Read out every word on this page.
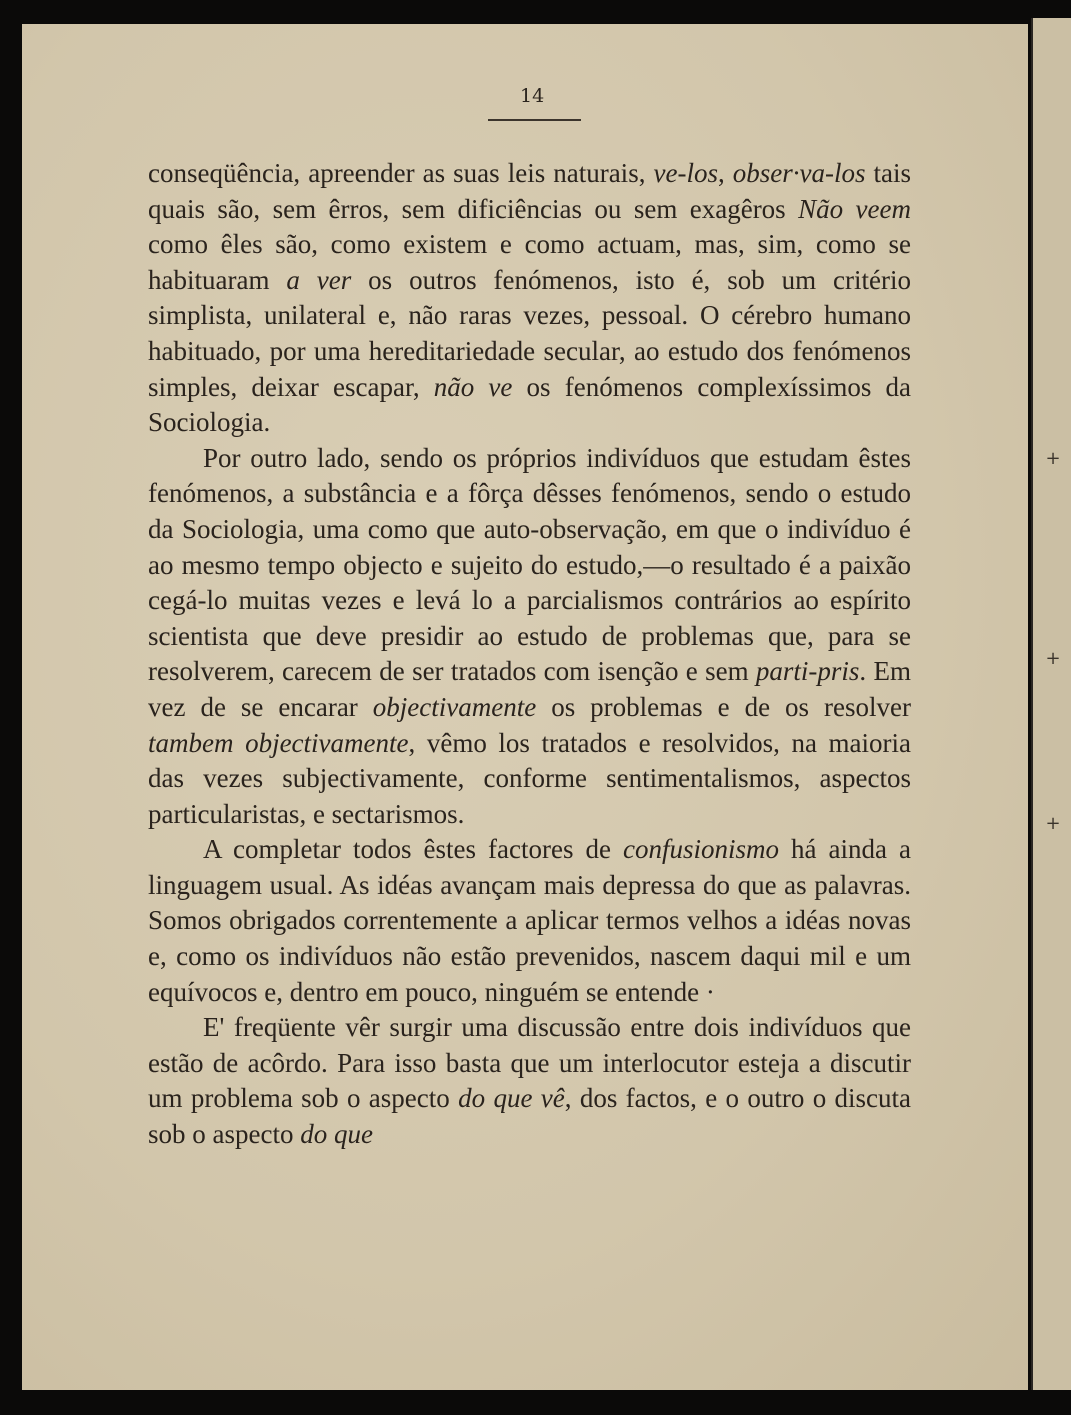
+
+
+
14

conseqüência, apreender as suas leis naturais, ve-los, obser·va-los tais quais são, sem êrros, sem dificiências ou sem exagêros Não veem como êles são, como existem e como actuam, mas, sim, como se habituaram a ver os outros fenómenos, isto é, sob um critério simplista, unilateral e, não raras vezes, pessoal. O cérebro humano habituado, por uma hereditariedade secular, ao estudo dos fenómenos simples, deixar escapar, não ve os fenómenos complexíssimos da Sociologia.

Por outro lado, sendo os próprios indivíduos que estudam êstes fenómenos, a substância e a fôrça dêsses fenómenos, sendo o estudo da Sociologia, uma como que auto-observação, em que o indivíduo é ao mesmo tempo objecto e sujeito do estudo,—o resultado é a paixão cegá-lo muitas vezes e levá lo a parcialismos contrários ao espírito scientista que deve presidir ao estudo de problemas que, para se resolverem, carecem de ser tratados com isenção e sem parti-pris. Em vez de se encarar objectivamente os problemas e de os resolver tambem objectivamente, vêmo los tratados e resolvidos, na maioria das vezes subjectivamente, conforme sentimentalismos, aspectos particularistas, e sectarismos.

A completar todos êstes factores de confusionismo há ainda a linguagem usual. As idéas avançam mais depressa do que as palavras. Somos obrigados correntemente a aplicar termos velhos a idéas novas e, como os indivíduos não estão prevenidos, nascem daqui mil e um equívocos e, dentro em pouco, ninguém se entende ·

E' freqüente vêr surgir uma discussão entre dois indivíduos que estão de acôrdo. Para isso basta que um interlocutor esteja a discutir um problema sob o aspecto do que vê, dos factos, e o outro o discuta sob o aspecto do que
